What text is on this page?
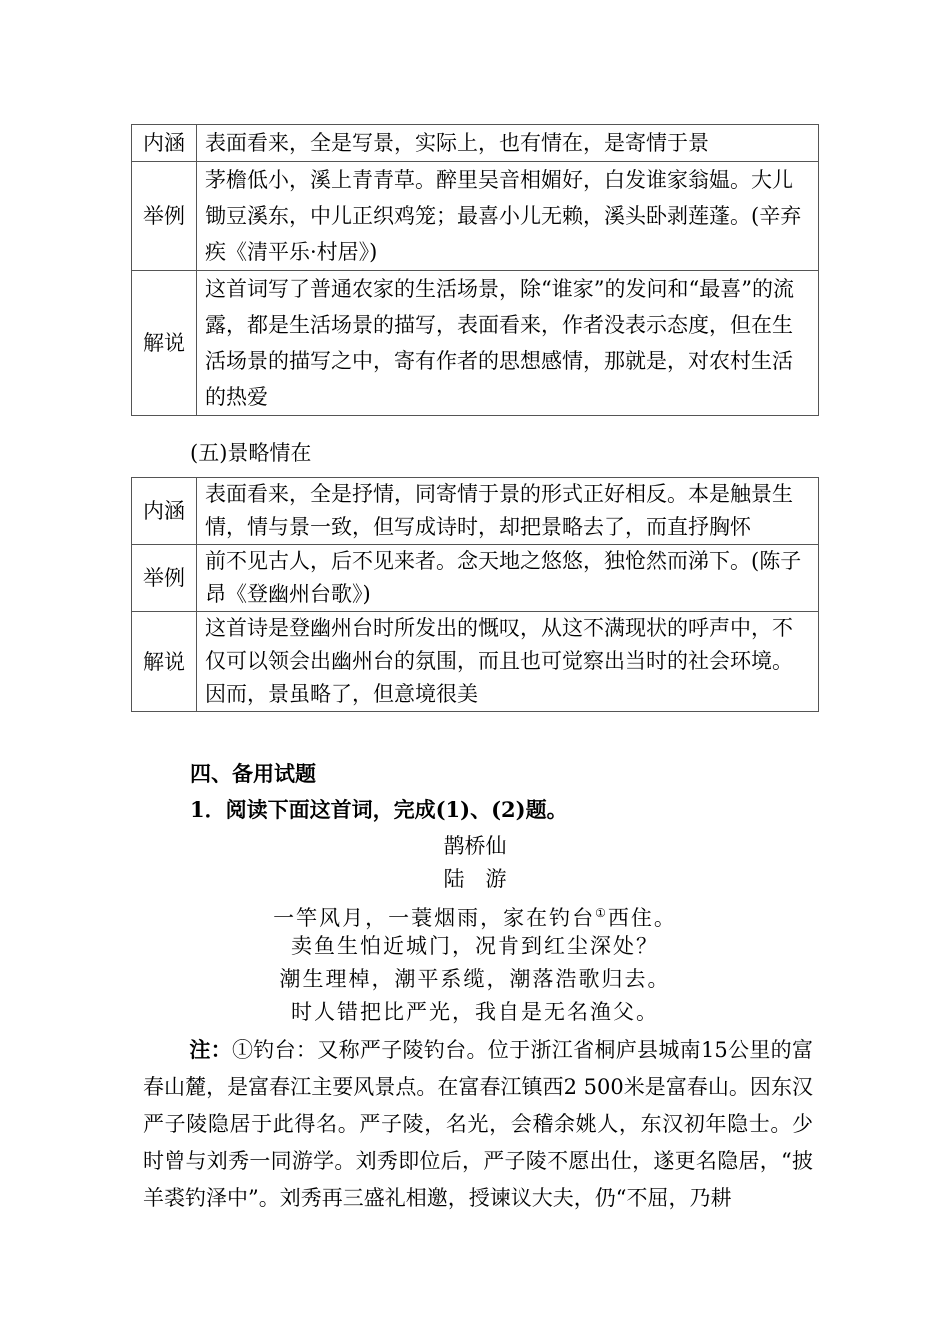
内涵	表面看来，全是写景，实际上，也有情在，是寄情于景
举例	茅檐低小，溪上青青草。醉里吴音相媚好，白发谁家翁媪。大儿锄豆溪东，中儿正织鸡笼；最喜小儿无赖，溪头卧剥莲蓬。(辛弃疾《清平乐·村居》)
解说	这首词写了普通农家的生活场景，除“谁家”的发问和“最喜”的流露，都是生活场景的描写，表面看来，作者没表示态度，但在生活场景的描写之中，寄有作者的思想感情，那就是，对农村生活的热爱
(五)景略情在
内涵	表面看来，全是抒情，同寄情于景的形式正好相反。本是触景生情，情与景一致，但写成诗时，却把景略去了，而直抒胸怀
举例	前不见古人，后不见来者。念天地之悠悠，独怆然而涕下。(陈子昂《登幽州台歌》)
解说	这首诗是登幽州台时所发出的慨叹，从这不满现状的呼声中，不仅可以领会出幽州台的氛围，而且也可觉察出当时的社会环境。因而，景虽略了，但意境很美
四、备用试题
1．阅读下面这首词，完成(1)、(2)题。
鹊桥仙
陆　游
一竿风月，一蓑烟雨，家在钓台①西住。
卖鱼生怕近城门，况肯到红尘深处？
潮生理棹，潮平系缆，潮落浩歌归去。
时人错把比严光，我自是无名渔父。
注：①钓台：又称严子陵钓台。位于浙江省桐庐县城南15公里的富春山麓，是富春江主要风景点。在富春江镇西2 500米是富春山。因东汉严子陵隐居于此得名。严子陵，名光，会稽余姚人，东汉初年隐士。少时曾与刘秀一同游学。刘秀即位后，严子陵不愿出仕，遂更名隐居，“披羊裘钓泽中”。刘秀再三盛礼相邀，授谏议大夫，仍“不屈，乃耕
